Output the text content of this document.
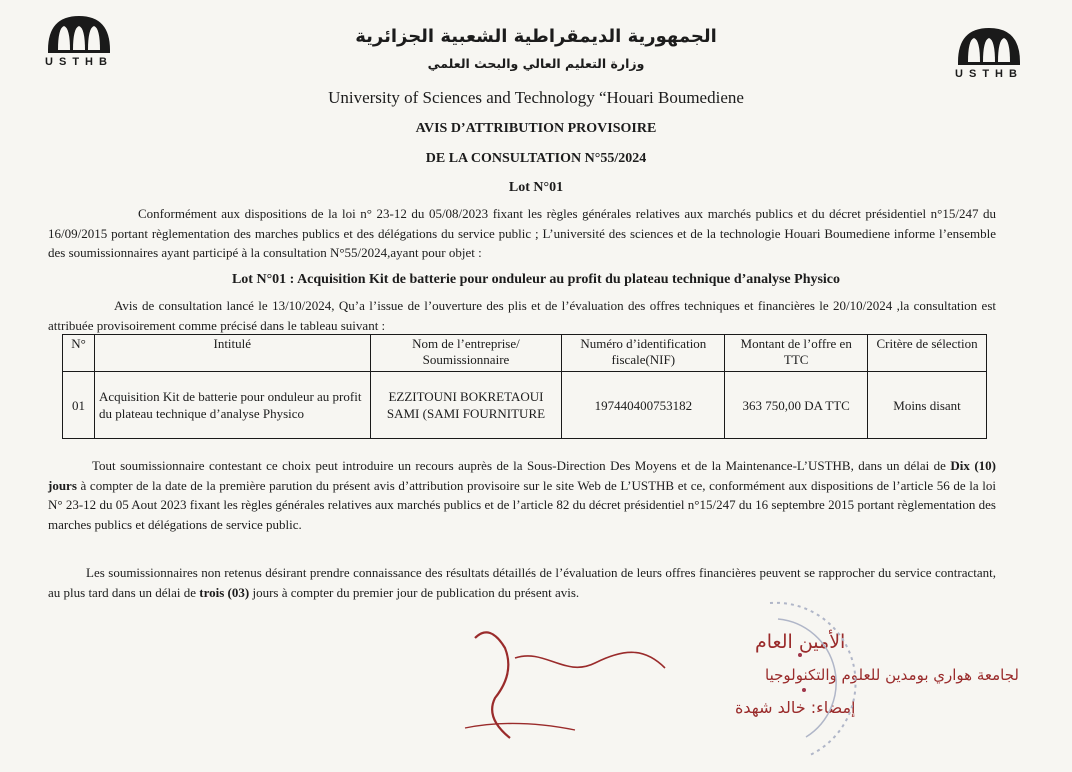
USTHB
USTHB
الجمهورية الديمقراطية الشعبية الجزائرية
وزارة التعليم العالي والبحث العلمي
University of Sciences and Technology “Houari Boumediene
AVIS D’ATTRIBUTION PROVISOIRE
DE LA CONSULTATION N°55/2024
Lot N°01
Conformément aux dispositions de la loi n° 23-12 du 05/08/2023 fixant les règles générales relatives aux marchés publics et du décret présidentiel n°15/247 du 16/09/2015 portant règlementation des marches publics et des délégations du service public ; L’université des sciences et de la technologie Houari Boumediene informe l’ensemble des soumissionnaires ayant participé à la consultation N°55/2024,ayant pour objet :
Lot N°01 : Acquisition Kit de batterie pour onduleur au profit du plateau technique d’analyse Physico
Avis de consultation lancé le 13/10/2024, Qu’a l’issue de l’ouverture des plis et de l’évaluation des offres techniques et financières le 20/10/2024 ,la consultation est attribuée provisoirement comme précisé dans le tableau suivant :
N°	Intitulé	Nom de l’entreprise/ Soumissionnaire	Numéro d’identification fiscale(NIF)	Montant de l’offre en TTC	Critère de sélection
01	Acquisition Kit de batterie pour onduleur au profit du plateau technique d’analyse Physico	EZZITOUNI BOKRETAOUI SAMI (SAMI FOURNITURE	197440400753182	363 750,00 DA TTC	Moins disant
Tout soumissionnaire contestant ce choix peut introduire un recours auprès de la Sous-Direction Des Moyens et de la Maintenance-L’USTHB, dans un délai de Dix (10) jours à compter de la date de la première parution du présent avis d’attribution provisoire sur le site Web de L’USTHB et ce, conformément aux dispositions de l’article 56 de la loi N° 23-12 du 05 Aout 2023 fixant les règles générales relatives aux marchés publics et de l’article 82 du décret présidentiel n°15/247 du 16 septembre 2015 portant règlementation des marches publics et délégations de service public.
Les soumissionnaires non retenus désirant prendre connaissance des résultats détaillés de l’évaluation de leurs offres financières peuvent se rapprocher du service contractant, au plus tard dans un délai de trois (03) jours à compter du premier jour de publication du présent avis.
الأمين العام
لجامعة هواري بومدين للعلوم والتكنولوجيا
إمضاء: خالد شهدة
